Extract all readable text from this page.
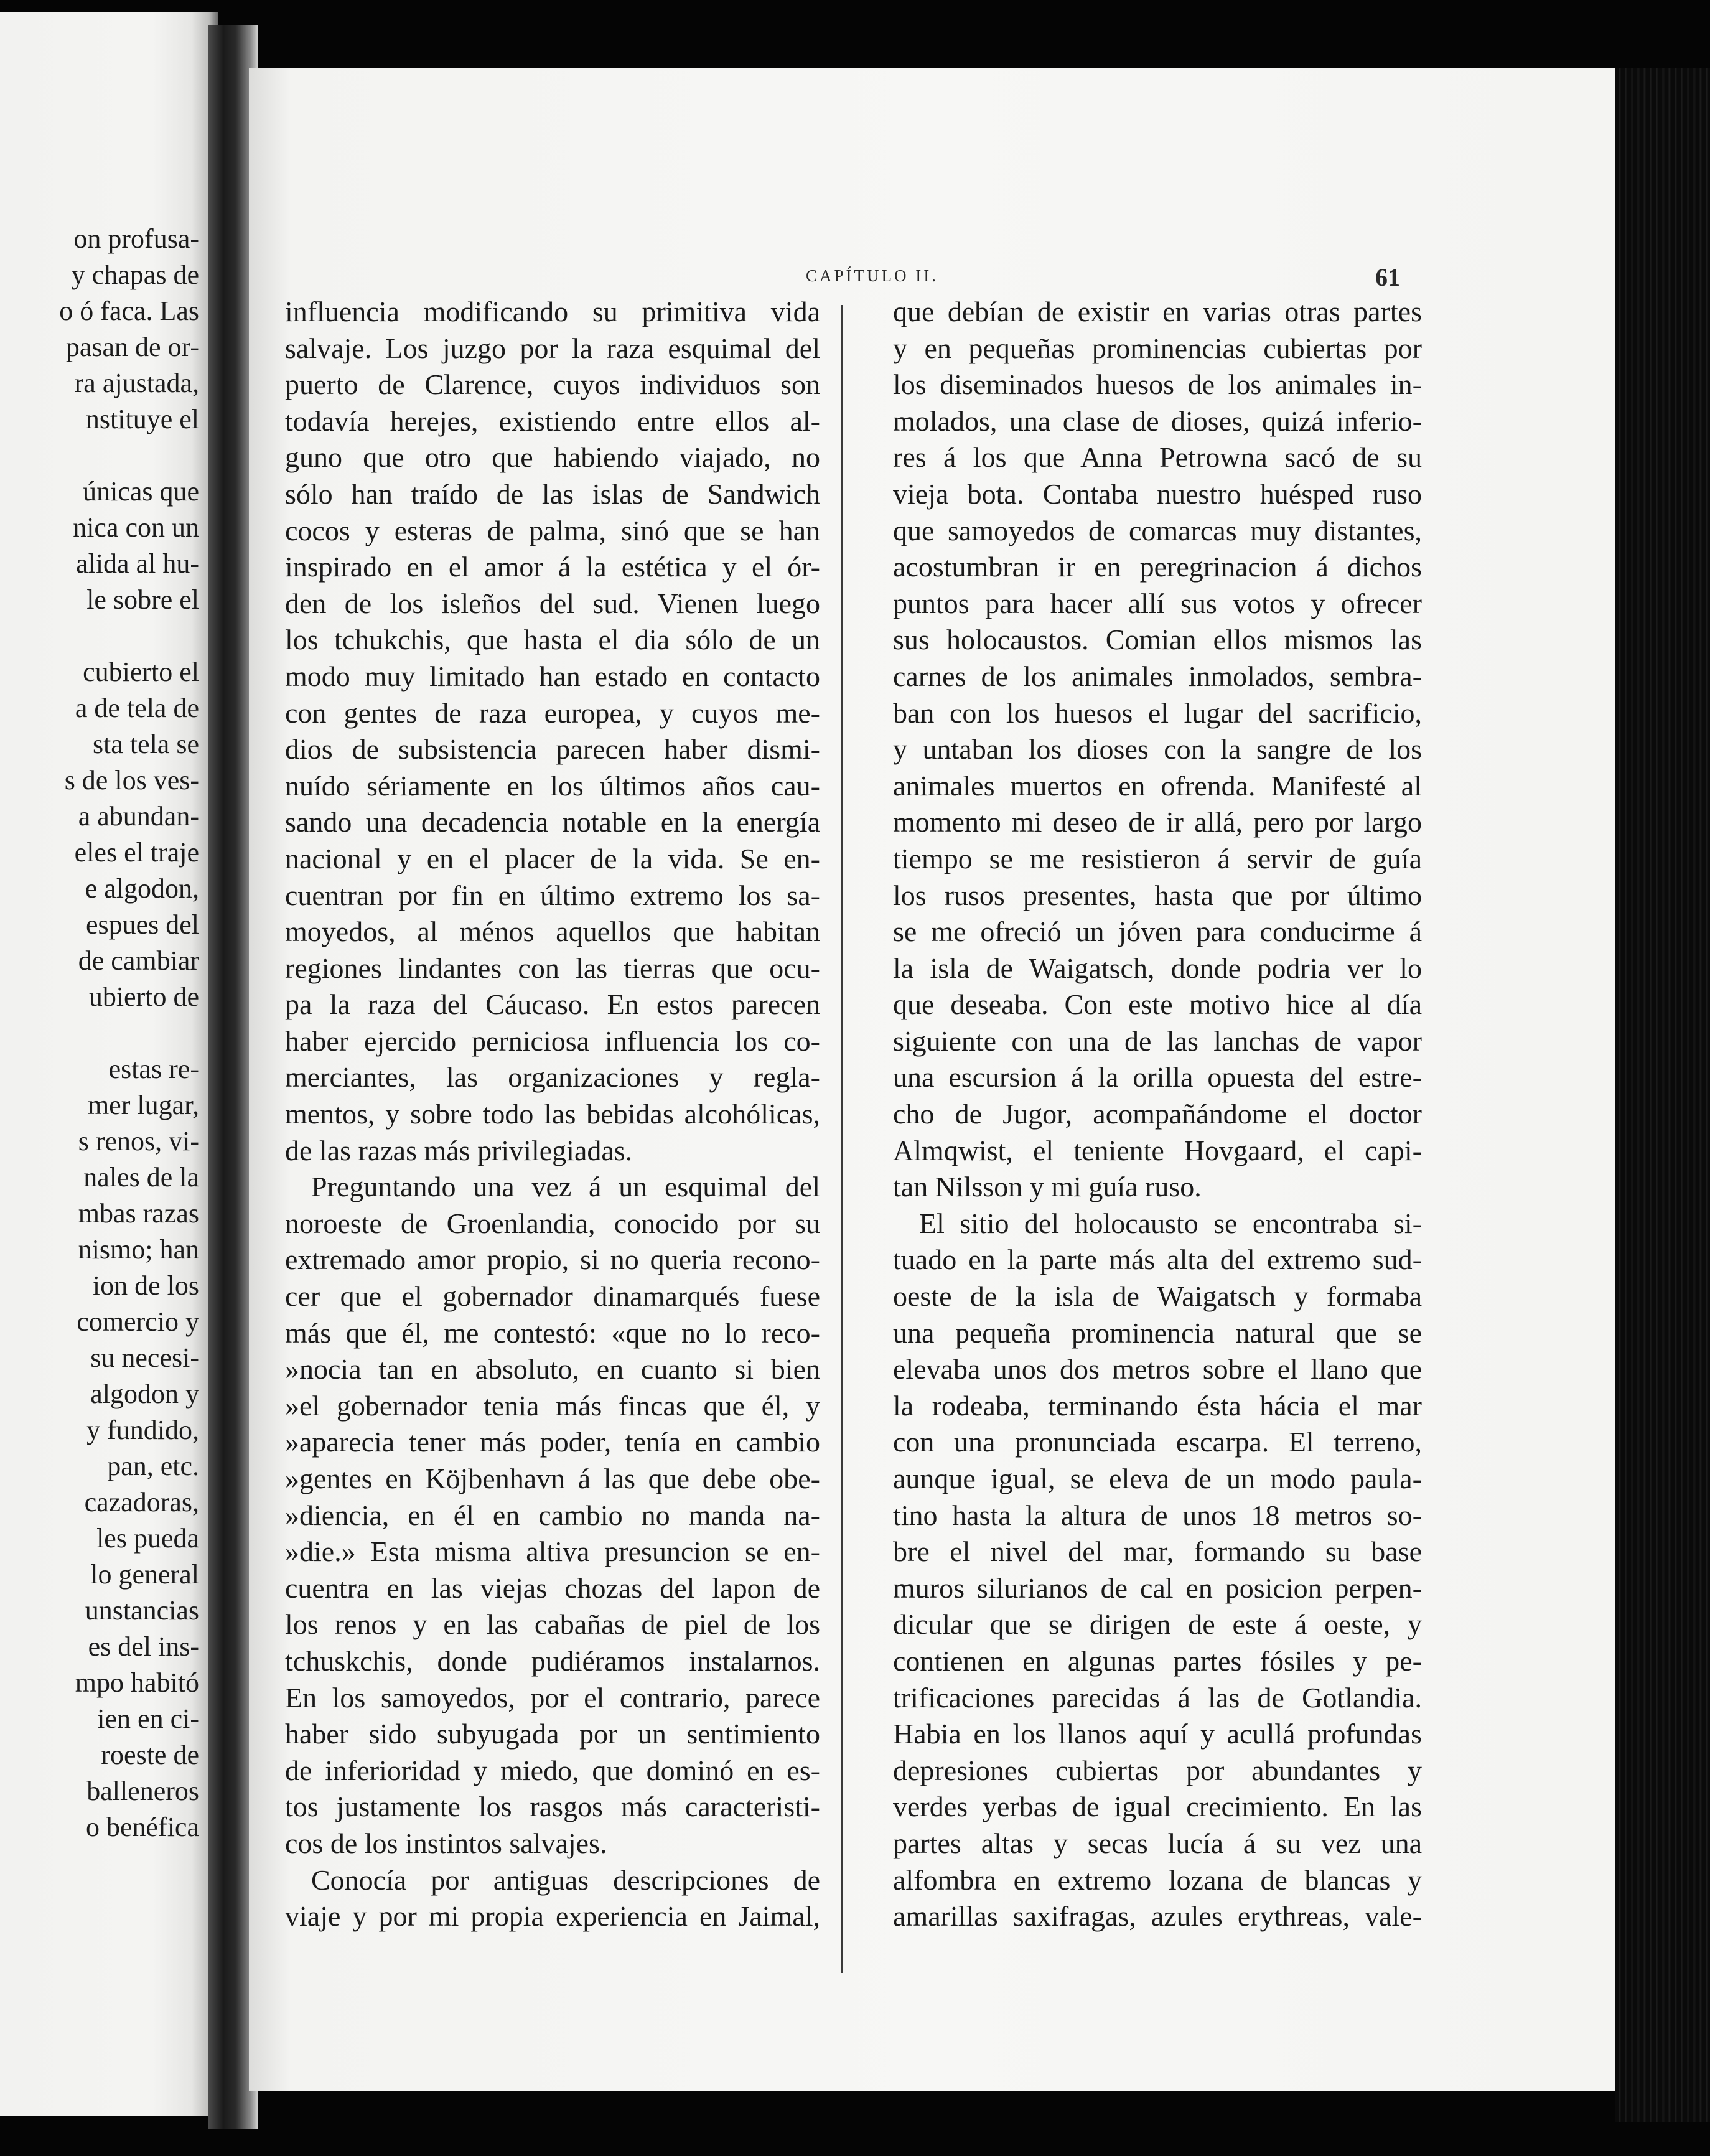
on profusa-
y chapas de
o ó faca. Las
pasan de or-
ra ajustada,
nstituye el
únicas que
nica con un
alida al hu-
le sobre el
cubierto el
a de tela de
sta tela se
s de los ves-
a abundan-
eles el traje
e algodon,
espues del
de cambiar
ubierto de
estas re-
mer lugar,
s renos, vi-
nales de la
mbas razas
nismo; han
ion de los
comercio y
su necesi-
algodon y
y fundido,
pan, etc.
cazadoras,
les pueda
lo general
unstancias
es del ins-
mpo habitó
ien en ci-
roeste de
balleneros
o benéfica
CAPÍTULO II.	61
influencia modificando su primitiva vida
salvaje. Los juzgo por la raza esquimal del
puerto de Clarence, cuyos individuos son
todavía herejes, existiendo entre ellos al-
guno que otro que habiendo viajado, no
sólo han traído de las islas de Sandwich
cocos y esteras de palma, sinó que se han
inspirado en el amor á la estética y el ór-
den de los isleños del sud. Vienen luego
los tchukchis, que hasta el dia sólo de un
modo muy limitado han estado en contacto
con gentes de raza europea, y cuyos me-
dios de subsistencia parecen haber dismi-
nuído sériamente en los últimos años cau-
sando una decadencia notable en la energía
nacional y en el placer de la vida. Se en-
cuentran por fin en último extremo los sa-
moyedos, al ménos aquellos que habitan
regiones lindantes con las tierras que ocu-
pa la raza del Cáucaso. En estos parecen
haber ejercido perniciosa influencia los co-
merciantes, las organizaciones y regla-
mentos, y sobre todo las bebidas alcohólicas,
de las razas más privilegiadas.
Preguntando una vez á un esquimal del
noroeste de Groenlandia, conocido por su
extremado amor propio, si no queria recono-
cer que el gobernador dinamarqués fuese
más que él, me contestó: «que no lo reco-
»nocia tan en absoluto, en cuanto si bien
»el gobernador tenia más fincas que él, y
»aparecia tener más poder, tenía en cambio
»gentes en Köjbenhavn á las que debe obe-
»diencia, en él en cambio no manda na-
»die.» Esta misma altiva presuncion se en-
cuentra en las viejas chozas del lapon de
los renos y en las cabañas de piel de los
tchuskchis, donde pudiéramos instalarnos.
En los samoyedos, por el contrario, parece
haber sido subyugada por un sentimiento
de inferioridad y miedo, que dominó en es-
tos justamente los rasgos más caracteristi-
cos de los instintos salvajes.
Conocía por antiguas descripciones de
viaje y por mi propia experiencia en Jaimal,
que debían de existir en varias otras partes
y en pequeñas prominencias cubiertas por
los diseminados huesos de los animales in-
molados, una clase de dioses, quizá inferio-
res á los que Anna Petrowna sacó de su
vieja bota. Contaba nuestro huésped ruso
que samoyedos de comarcas muy distantes,
acostumbran ir en peregrinacion á dichos
puntos para hacer allí sus votos y ofrecer
sus holocaustos. Comian ellos mismos las
carnes de los animales inmolados, sembra-
ban con los huesos el lugar del sacrificio,
y untaban los dioses con la sangre de los
animales muertos en ofrenda. Manifesté al
momento mi deseo de ir allá, pero por largo
tiempo se me resistieron á servir de guía
los rusos presentes, hasta que por último
se me ofreció un jóven para conducirme á
la isla de Waigatsch, donde podria ver lo
que deseaba. Con este motivo hice al día
siguiente con una de las lanchas de vapor
una escursion á la orilla opuesta del estre-
cho de Jugor, acompañándome el doctor
Almqwist, el teniente Hovgaard, el capi-
tan Nilsson y mi guía ruso.
El sitio del holocausto se encontraba si-
tuado en la parte más alta del extremo sud-
oeste de la isla de Waigatsch y formaba
una pequeña prominencia natural que se
elevaba unos dos metros sobre el llano que
la rodeaba, terminando ésta hácia el mar
con una pronunciada escarpa. El terreno,
aunque igual, se eleva de un modo paula-
tino hasta la altura de unos 18 metros so-
bre el nivel del mar, formando su base
muros silurianos de cal en posicion perpen-
dicular que se dirigen de este á oeste, y
contienen en algunas partes fósiles y pe-
trificaciones parecidas á las de Gotlandia.
Habia en los llanos aquí y acullá profundas
depresiones cubiertas por abundantes y
verdes yerbas de igual crecimiento. En las
partes altas y secas lucía á su vez una
alfombra en extremo lozana de blancas y
amarillas saxifragas, azules erythreas, vale-
